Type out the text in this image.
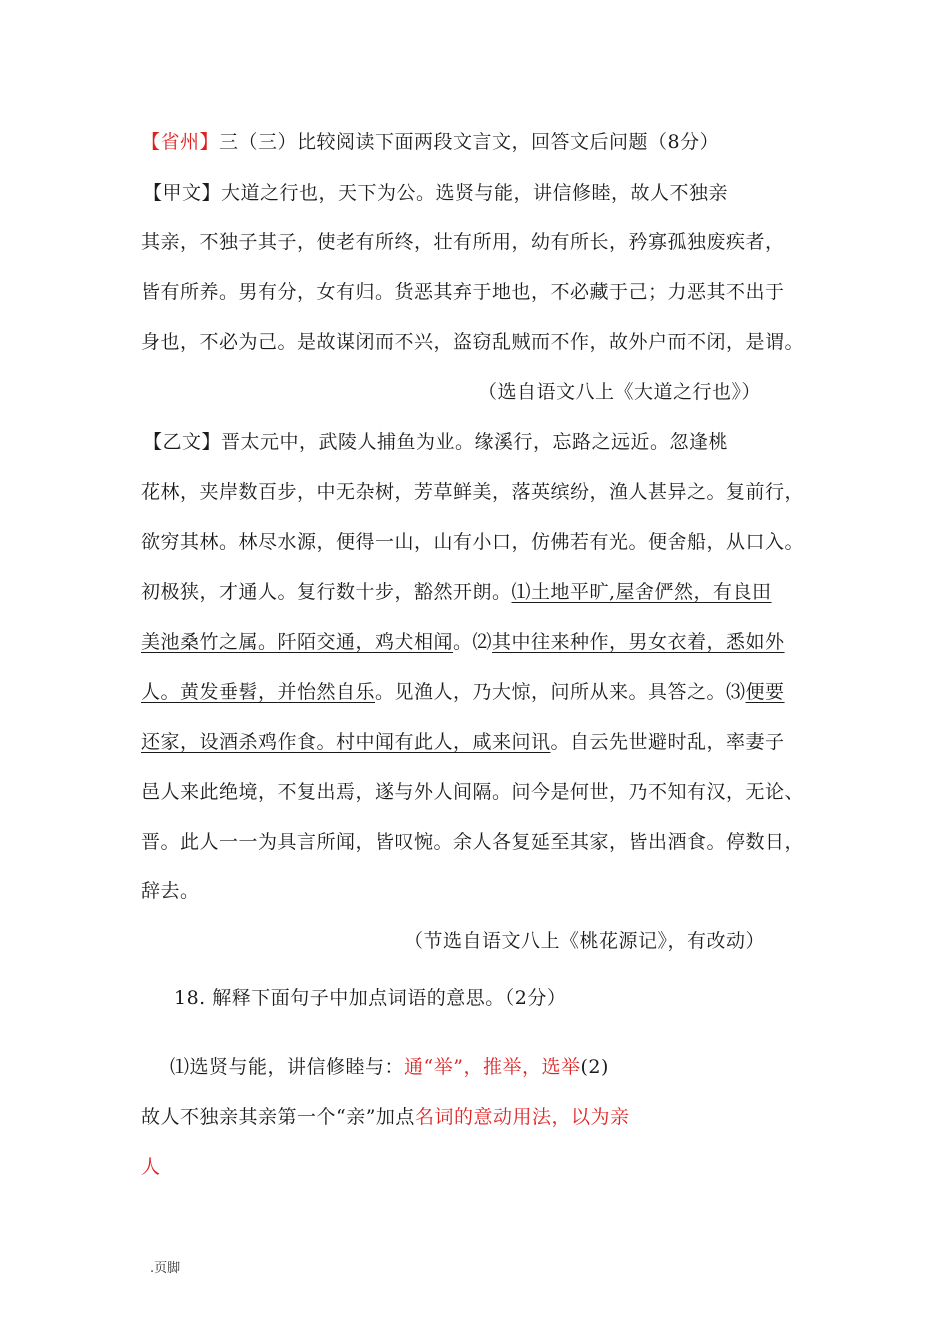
【省州】三（三）比较阅读下面两段文言文，回答文后问题（8分）
【甲文】大道之行也，天下为公。选贤与能，讲信修睦，故人不独亲
其亲，不独子其子，使老有所终，壮有所用，幼有所长，矜寡孤独废疾者，
皆有所养。男有分，女有归。货恶其弃于地也，不必藏于己；力恶其不出于
身也，不必为己。是故谋闭而不兴，盗窃乱贼而不作，故外户而不闭，是谓。
（选自语文八上《大道之行也》）
【乙文】晋太元中，武陵人捕鱼为业。缘溪行，忘路之远近。忽逢桃
花林，夹岸数百步，中无杂树，芳草鲜美，落英缤纷，渔人甚异之。复前行，
欲穷其林。林尽水源，便得一山，山有小口，仿佛若有光。便舍船，从口入。
初极狭，才通人。复行数十步，豁然开朗。⑴土地平旷,屋舍俨然，有良田
美池桑竹之属。阡陌交通，鸡犬相闻。⑵其中往来种作，男女衣着，悉如外
人。黄发垂髫，并怡然自乐。见渔人，乃大惊，问所从来。具答之。⑶便要
还家，设酒杀鸡作食。村中闻有此人，咸来问讯。自云先世避时乱，率妻子
邑人来此绝境，不复出焉，遂与外人间隔。问今是何世，乃不知有汉，无论、
晋。此人一一为具言所闻，皆叹惋。余人各复延至其家，皆出酒食。停数日，
辞去。
（节选自语文八上《桃花源记》，有改动）
18. 解释下面句子中加点词语的意思。（2分）
⑴选贤与能，讲信修睦与：通“举”，推举，选举(2)
故人不独亲其亲第一个“亲”加点名词的意动用法，以为亲
人
.页脚
